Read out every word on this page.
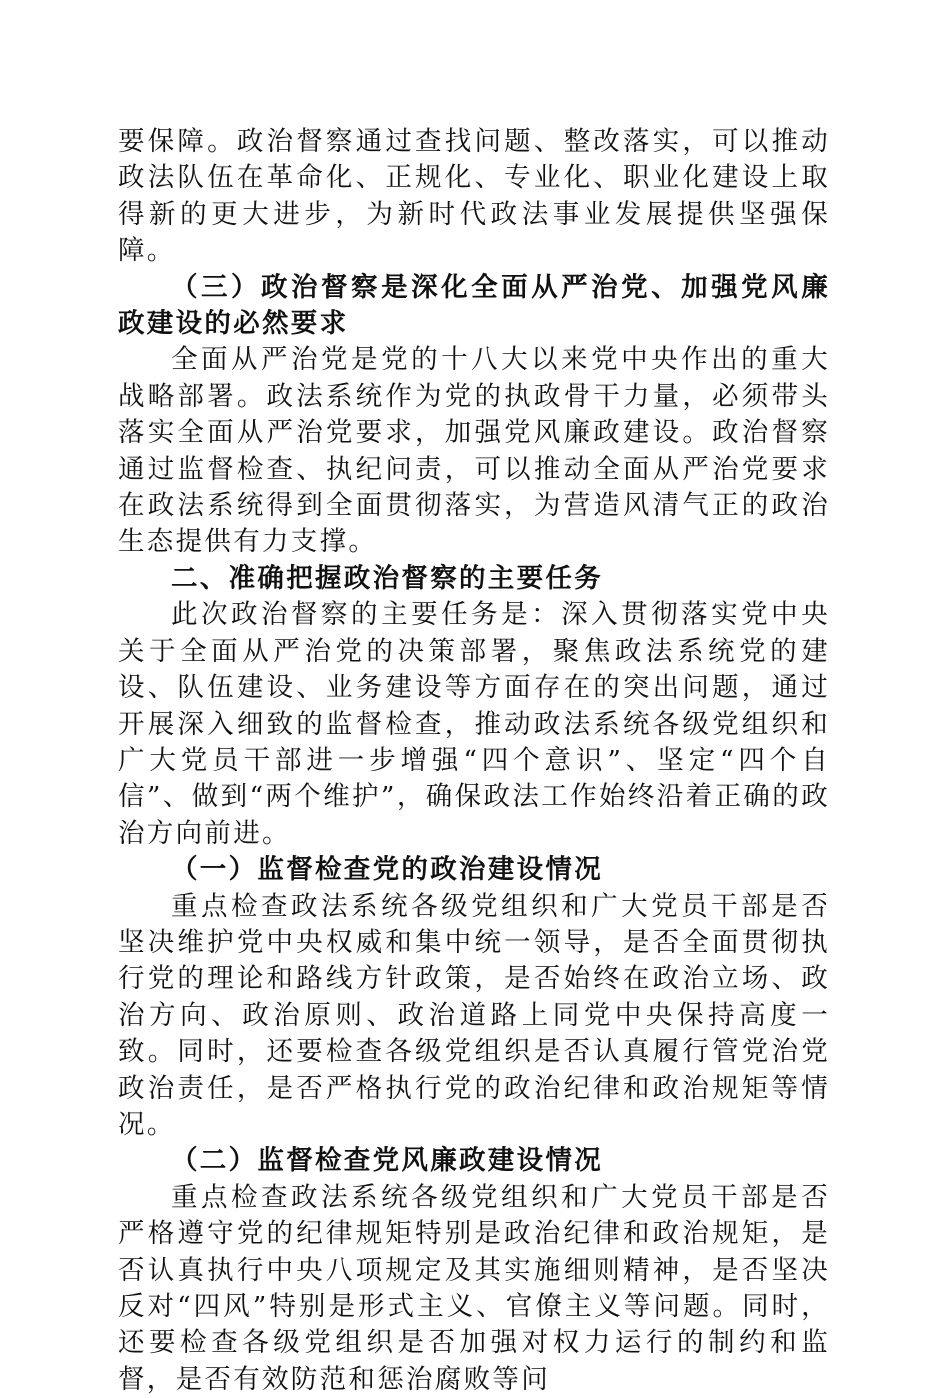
要保障。政治督察通过查找问题、整改落实，可以推动政法队伍在革命化、正规化、专业化、职业化建设上取得新的更大进步，为新时代政法事业发展提供坚强保障。

（三）政治督察是深化全面从严治党、加强党风廉政建设的必然要求

全面从严治党是党的十八大以来党中央作出的重大战略部署。政法系统作为党的执政骨干力量，必须带头落实全面从严治党要求，加强党风廉政建设。政治督察通过监督检查、执纪问责，可以推动全面从严治党要求在政法系统得到全面贯彻落实，为营造风清气正的政治生态提供有力支撑。

二、准确把握政治督察的主要任务

此次政治督察的主要任务是：深入贯彻落实党中央关于全面从严治党的决策部署，聚焦政法系统党的建设、队伍建设、业务建设等方面存在的突出问题，通过开展深入细致的监督检查，推动政法系统各级党组织和广大党员干部进一步增强“四个意识”、坚定“四个自信”、做到“两个维护”，确保政法工作始终沿着正确的政治方向前进。

（一）监督检查党的政治建设情况

重点检查政法系统各级党组织和广大党员干部是否坚决维护党中央权威和集中统一领导，是否全面贯彻执行党的理论和路线方针政策，是否始终在政治立场、政治方向、政治原则、政治道路上同党中央保持高度一致。同时，还要检查各级党组织是否认真履行管党治党政治责任，是否严格执行党的政治纪律和政治规矩等情况。

（二）监督检查党风廉政建设情况

重点检查政法系统各级党组织和广大党员干部是否严格遵守党的纪律规矩特别是政治纪律和政治规矩，是否认真执行中央八项规定及其实施细则精神，是否坚决反对“四风”特别是形式主义、官僚主义等问题。同时，还要检查各级党组织是否加强对权力运行的制约和监督，是否有效防范和惩治腐败等问
